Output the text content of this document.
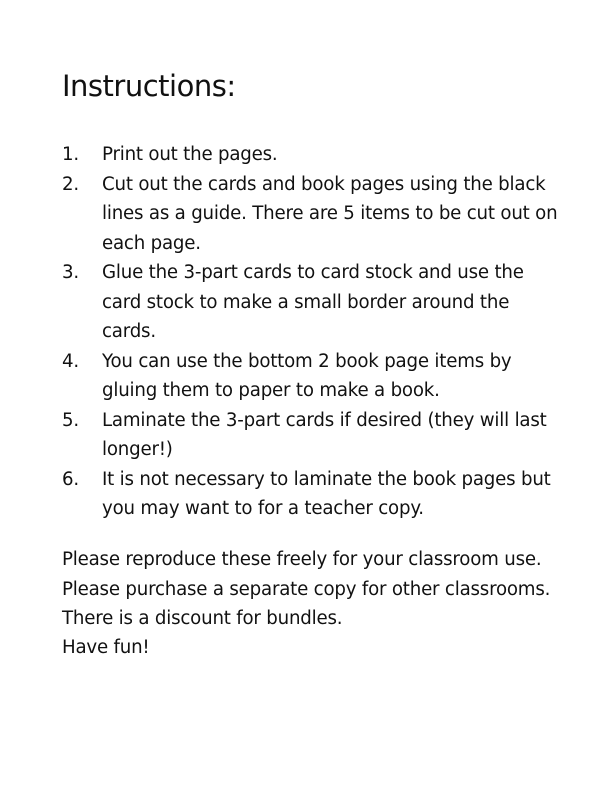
Instructions:
1.	Print out the pages.
2.	Cut out the cards and book pages using the black lines as a guide. There are 5 items to be cut out on each page.
3.	Glue the 3-part cards to card stock and use the card stock to make a small border around the cards.
4.	You can use the bottom 2 book page items by gluing them to paper to make a book.
5.	Laminate the 3-part cards if desired (they will last longer!)
6.	It is not necessary to laminate the book pages but you may want to for a teacher copy.

Please reproduce these freely for your classroom use. Please purchase a separate copy for other classrooms. There is a discount for bundles.

Have fun!
